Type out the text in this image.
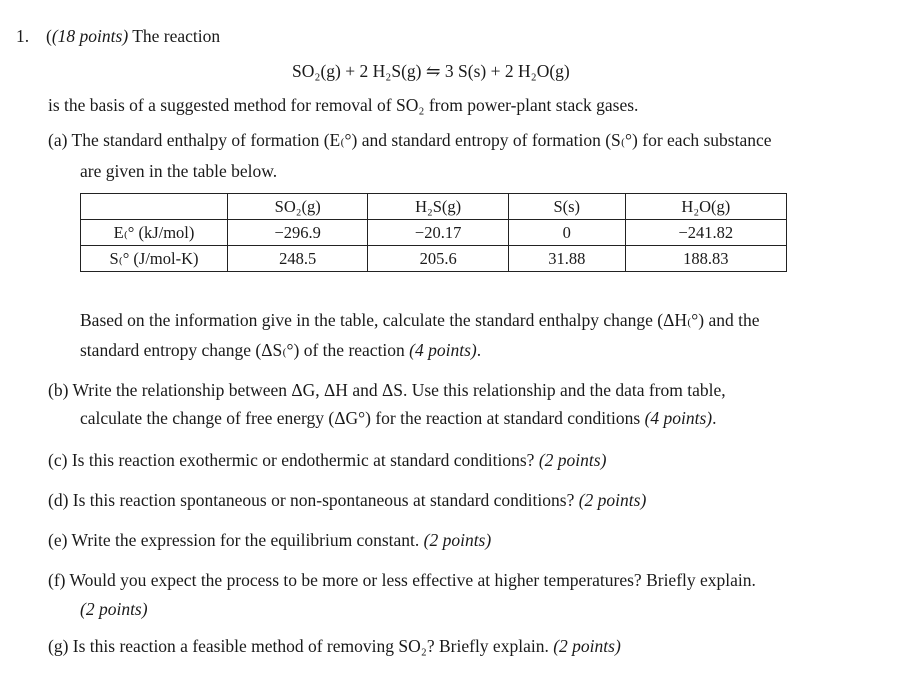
1. ((18 points) The reaction
SO₂(g) + 2 H₂S(g) ⇋ 3 S(s) + 2 H₂O(g)
is the basis of a suggested method for removal of SO₂ from power-plant stack gases.
(a) The standard enthalpy of formation (E₍°) and standard entropy of formation (S₍°) for each substance
are given in the table below.
	SO₂(g)	H₂S(g)	S(s)	H₂O(g)
E₍° (kJ/mol)	−296.9	−20.17	0	−241.82
S₍° (J/mol-K)	248.5	205.6	31.88	188.83
Based on the information give in the table, calculate the standard enthalpy change (ΔH₍°) and the
standard entropy change (ΔS₍°) of the reaction (4 points).
(b) Write the relationship between ΔG, ΔH and ΔS. Use this relationship and the data from table,
calculate the change of free energy (ΔG°) for the reaction at standard conditions (4 points).
(c) Is this reaction exothermic or endothermic at standard conditions? (2 points)
(d) Is this reaction spontaneous or non-spontaneous at standard conditions? (2 points)
(e) Write the expression for the equilibrium constant. (2 points)
(f) Would you expect the process to be more or less effective at higher temperatures? Briefly explain.
(2 points)
(g) Is this reaction a feasible method of removing SO₂? Briefly explain. (2 points)
